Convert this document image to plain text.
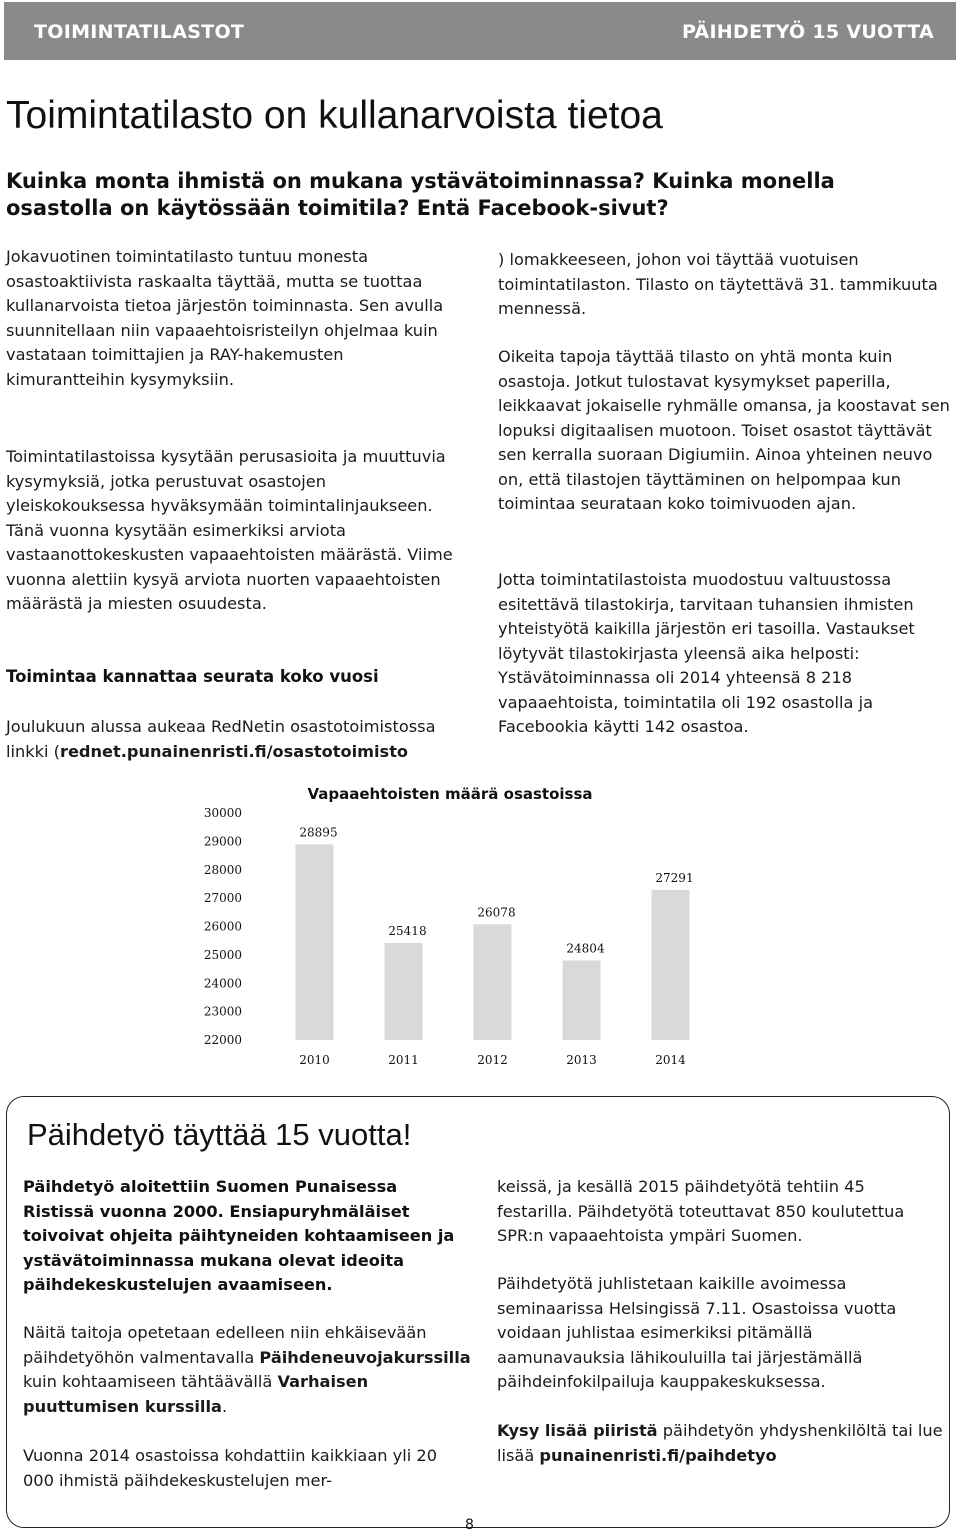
TOIMINTATILASTOT	PÄIHDETYÖ 15 VUOTTA
Toimintatilasto on kullanarvoista tietoa

Kuinka monta ihmistä on mukana ystävätoiminnassa? Kuinka monella osastolla on käytössään toimitila? Entä Facebook-sivut?

Jokavuotinen toimintatilasto tuntuu monesta osastoaktiivista raskaalta täyttää, mutta se tuottaa kullanarvoista tietoa järjestön toiminnasta. Sen avulla suunnitellaan niin vapaaehtoisristeilyn ohjelmaa kuin vastataan toimittajien ja RAY-hakemusten kimurantteihin kysymyksiin.

Toimintatilastoissa kysytään perusasioita ja muuttuvia kysymyksiä, jotka perustuvat osastojen yleiskokouksessa hyväksymään toimintalinjaukseen. Tänä vuonna kysytään esimerkiksi arviota vastaanottokeskusten vapaaehtoisten määrästä. Viime vuonna alettiin kysyä arviota nuorten vapaaehtoisten määrästä ja miesten osuudesta.

Toimintaa kannattaa seurata koko vuosi

Joulukuun alussa aukeaa RedNetin osastotoimistossa linkki (rednet.punainenristi.fi/osastotoimisto

) lomakkeeseen, johon voi täyttää vuotuisen toimintatilaston. Tilasto on täytettävä 31. tammikuuta mennessä.

Oikeita tapoja täyttää tilasto on yhtä monta kuin osastoja. Jotkut tulostavat kysymykset paperilla, leikkaavat jokaiselle ryhmälle omansa, ja koostavat sen lopuksi digitaalisen muotoon. Toiset osastot täyttävät sen kerralla suoraan Digiumiin. Ainoa yhteinen neuvo on, että tilastojen täyttäminen on helpompaa kun toimintaa seurataan koko toimivuoden ajan.

Jotta toimintatilastoista muodostuu valtuustossa esitettävä tilastokirja, tarvitaan tuhansien ihmisten yhteistyötä kaikilla järjestön eri tasoilla. Vastaukset löytyvät tilastokirjasta yleensä aika helposti: Ystävätoiminnassa oli 2014 yhteensä 8 218 vapaaehtoista, toimintatila oli 192 osastolla ja Facebookia käytti 142 osastoa.

Vapaaehtoisten määrä osastoissa
22000
23000
24000
25000
26000
27000
28000
29000
30000
28895
25418
26078
24804
27291
2010	2011	2012	2013	2014
Päihdetyö täyttää 15 vuotta!

Päihdetyö aloitettiin Suomen Punaisessa Ristissä vuonna 2000. Ensiapuryhmäläiset toivoivat ohjeita päihtyneiden kohtaamiseen ja ystävätoiminnassa mukana olevat ideoita päihdekeskustelujen avaamiseen.

Näitä taitoja opetetaan edelleen niin ehkäisevään päihdetyöhön valmentavalla Päihdeneuvojakurssilla kuin kohtaamiseen tähtäävällä Varhaisen puuttumisen kurssilla.

Vuonna 2014 osastoissa kohdattiin kaikkiaan yli 20 000 ihmistä päihdekeskustelujen mer-

keissä, ja kesällä 2015 päihdetyötä tehtiin 45 festarilla. Päihdetyötä toteuttavat 850 koulutettua SPR:n vapaaehtoista ympäri Suomen.

Päihdetyötä juhlistetaan kaikille avoimessa seminaarissa Helsingissä 7.11. Osastoissa vuotta voidaan juhlistaa esimerkiksi pitämällä aamunavauksia lähikouluilla tai järjestämällä päihdeinfokilpailuja kauppakeskuksessa.

Kysy lisää piiristä päihdetyön yhdyshenkilöltä tai lue lisää punainenristi.fi/paihdetyo

8
